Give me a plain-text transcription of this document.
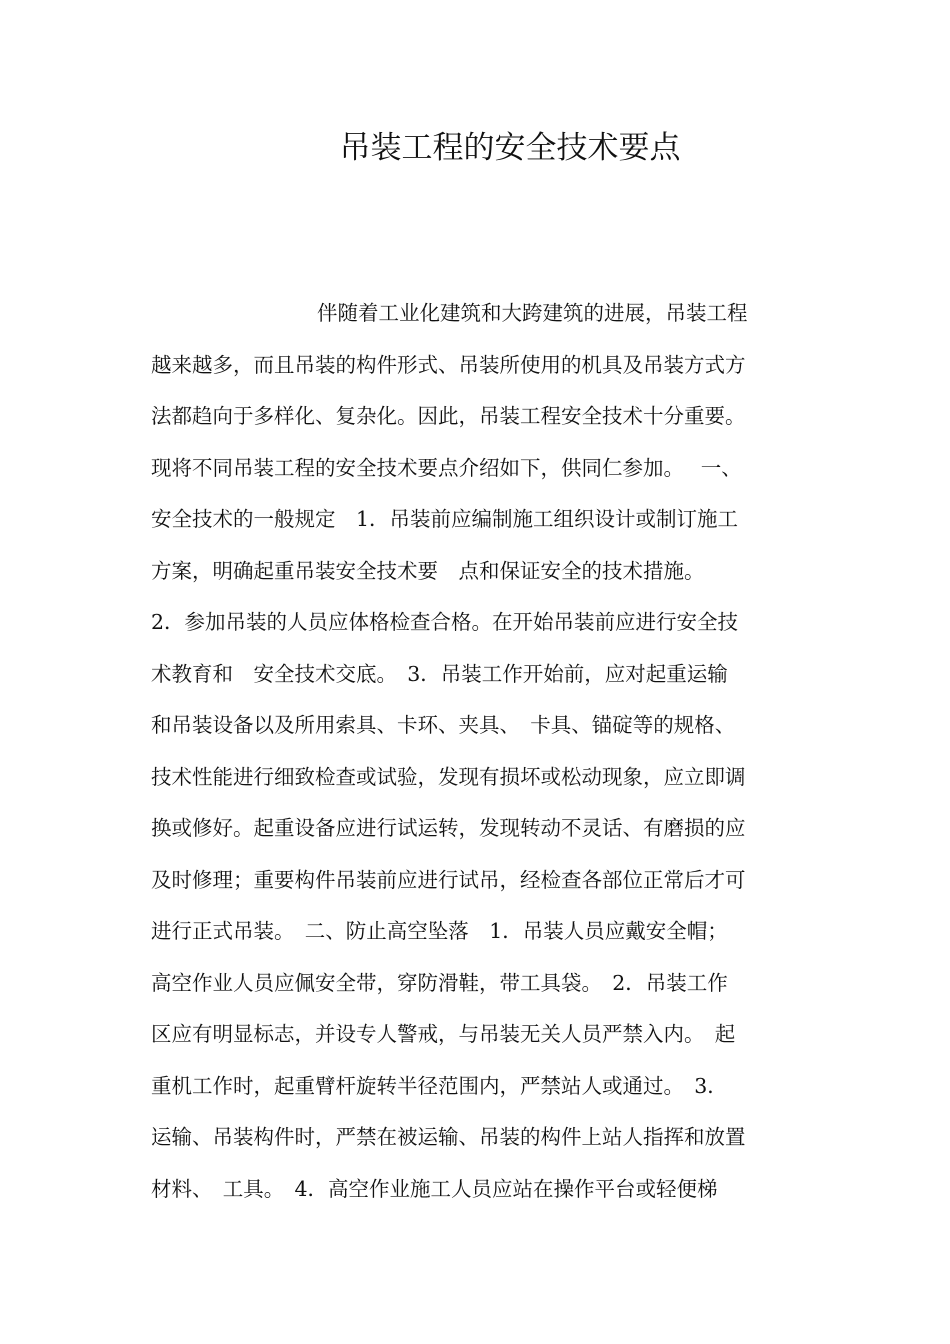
吊装工程的安全技术要点
伴随着工业化建筑和大跨建筑的进展，吊装工程
越来越多，而且吊装的构件形式、吊装所使用的机具及吊装方式方
法都趋向于多样化、复杂化。因此，吊装工程安全技术十分重要。
现将不同吊装工程的安全技术要点介绍如下，供同仁参加。　 一、
安全技术的一般规定　1．吊装前应编制施工组织设计或制订施工
方案，明确起重吊装安全技术要　点和保证安全的技术措施。
2．参加吊装的人员应体格检查合格。在开始吊装前应进行安全技
术教育和　安全技术交底。　3．吊装工作开始前，应对起重运输
和吊装设备以及所用索具、卡环、夹具、　卡具、锚碇等的规格、
技术性能进行细致检查或试验，发现有损坏或松动现象，应立即调
换或修好。起重设备应进行试运转，发现转动不灵话、有磨损的应
及时修理；重要构件吊装前应进行试吊，经检查各部位正常后才可
进行正式吊装。　二、防止高空坠落　1．吊装人员应戴安全帽；
高空作业人员应佩安全带，穿防滑鞋，带工具袋。　2．吊装工作
区应有明显标志，并设专人警戒，与吊装无关人员严禁入内。　起
重机工作时，起重臂杆旋转半径范围内，严禁站人或通过。　3．
运输、吊装构件时，严禁在被运输、吊装的构件上站人指挥和放置
材料、　工具。　4．高空作业施工人员应站在操作平台或轻便梯
